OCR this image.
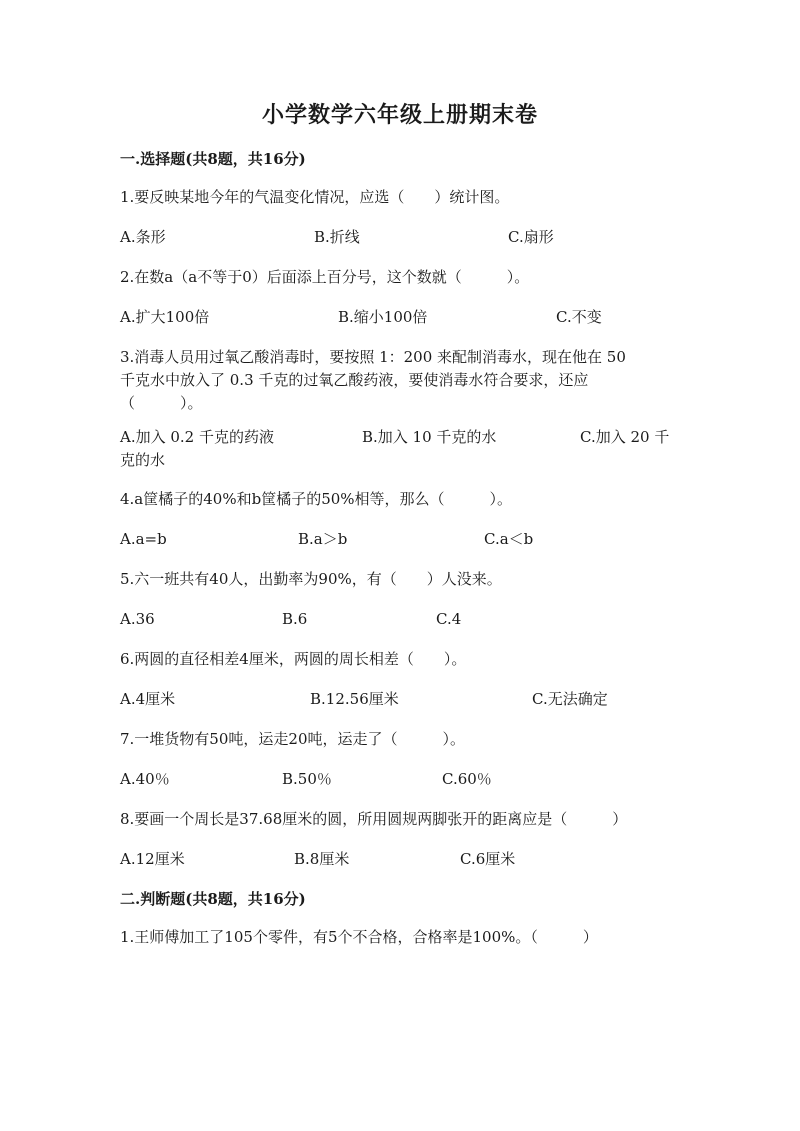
小学数学六年级上册期末卷
一.选择题(共8题，共16分)
1.要反映某地今年的气温变化情况，应选（　　）统计图。
A.条形	B.折线	C.扇形
2.在数a（a不等于0）后面添上百分号，这个数就（　　　）。
A.扩大100倍	B.缩小100倍	C.不变
3.消毒人员用过氧乙酸消毒时，要按照 1：200 来配制消毒水，现在他在 50
千克水中放入了 0.3 千克的过氧乙酸药液，要使消毒水符合要求，还应
（　　　）。
A.加入 0.2 千克的药液	B.加入 10 千克的水	C.加入 20 千
克的水
4.a筐橘子的40%和b筐橘子的50%相等，那么（　　　）。
A.a=b	B.a＞b	C.a＜b
5.六一班共有40人，出勤率为90%，有（　　）人没来。
A.36	B.6	C.4
6.两圆的直径相差4厘米，两圆的周长相差（　　）。
A.4厘米	B.12.56厘米	C.无法确定
7.一堆货物有50吨，运走20吨，运走了（　　　）。
A.40％	B.50％	C.60％
8.要画一个周长是37.68厘米的圆，所用圆规两脚张开的距离应是（　　　）
A.12厘米	B.8厘米	C.6厘米
二.判断题(共8题，共16分)
1.王师傅加工了105个零件，有5个不合格，合格率是100%。（　　　）
